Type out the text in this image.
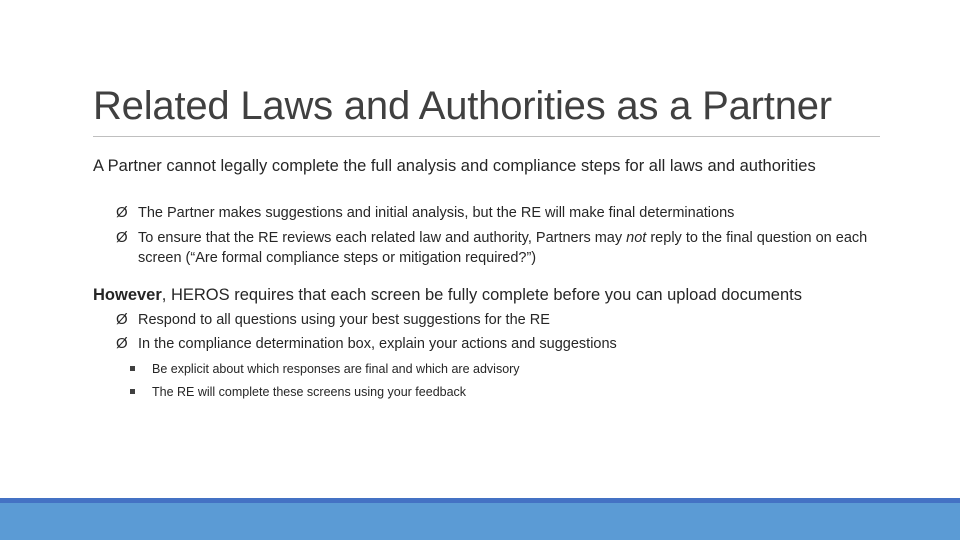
Related Laws and Authorities as a Partner
A Partner cannot legally complete the full analysis and compliance steps for all laws and authorities
Ø The Partner makes suggestions and initial analysis, but the RE will make final determinations
Ø To ensure that the RE reviews each related law and authority, Partners may not reply to the final question on each screen (“Are formal compliance steps or mitigation required?”)
However, HEROS requires that each screen be fully complete before you can upload documents
Ø Respond to all questions using your best suggestions for the RE
Ø In the compliance determination box, explain your actions and suggestions
Be explicit about which responses are final and which are advisory
The RE will complete these screens using your feedback
